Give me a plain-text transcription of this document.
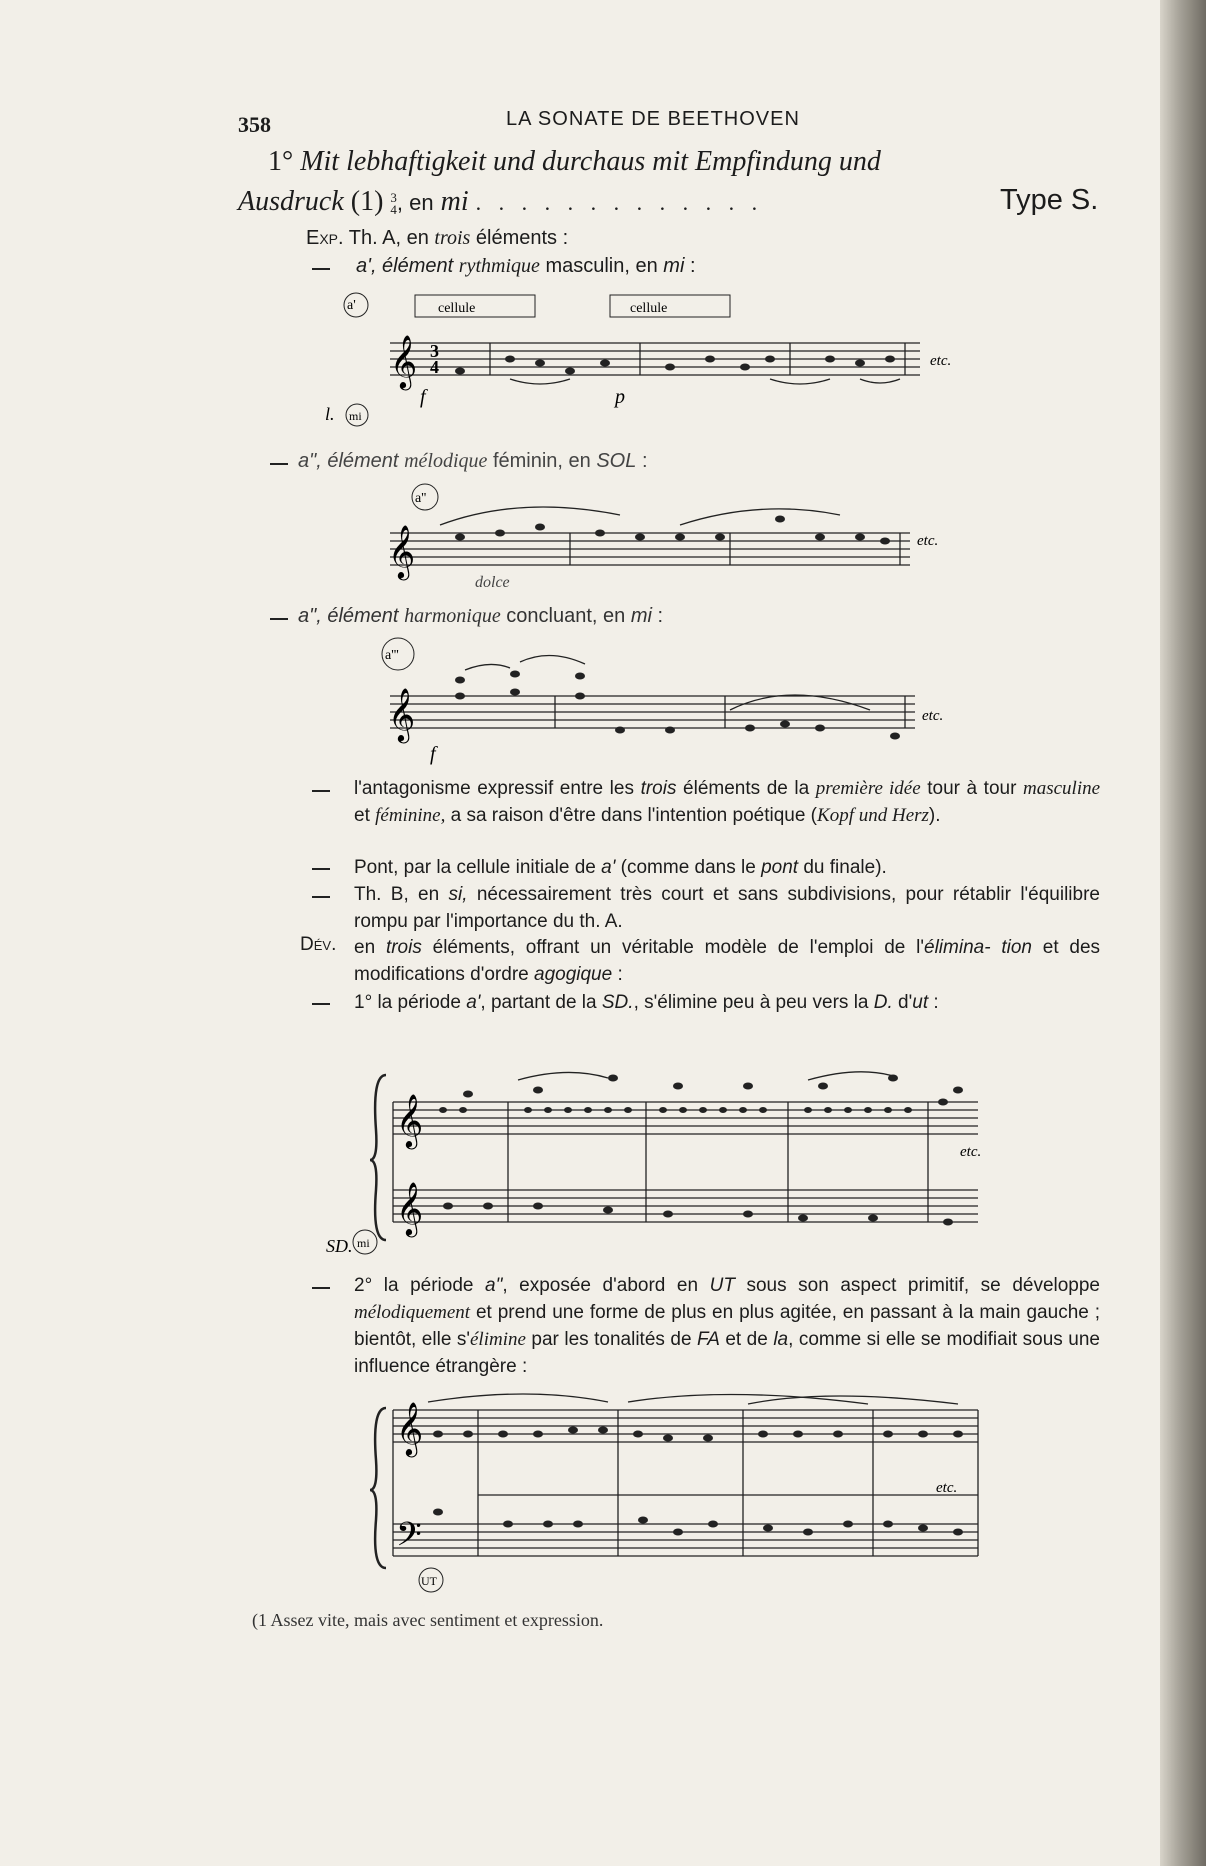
358	LA SONATE DE BEETHOVEN
1° Mit lebhaftigkeit und durchaus mit Empfindung und
Ausdruck (1) 3
4, en mi . . . . . . . . . . . . .	Type S.
Exp. Th. A, en trois éléments :
a', élément rythmique masculin, en mi :
𝄞 3
4
cellule	cellule
a'
f	p
etc.
l. mi
a", élément mélodique féminin, en SOL :
𝄞
a''
dolce
etc.
a", élément harmonique concluant, en mi :
𝄞
a'''
f
etc.
l'antagonisme expressif entre les trois éléments de la première idée tour à tour masculine et féminine, a sa raison d'être dans l'intention poétique (Kopf und Herz).
Pont, par la cellule initiale de a' (comme dans le pont du finale).
Th. B, en si, nécessairement très court et sans subdivisions, pour rétablir l'équilibre rompu par l'importance du th. A.
Dév. en trois éléments, offrant un véritable modèle de l'emploi de l'élimina- tion et des modifications d'ordre agogique :
1° la période a', partant de la SD., s'élimine peu à peu vers la D. d'ut :
𝄞
𝄞
etc.
SD. mi
2° la période a", exposée d'abord en UT sous son aspect primitif, se développe mélodiquement et prend une forme de plus en plus agitée, en passant à la main gauche ; bientôt, elle s'élimine par les tonalités de FA et de la, comme si elle se modifiait sous une influence étrangère :
𝄞
𝄢
etc.
UT
(1 Assez vite, mais avec sentiment et expression.
